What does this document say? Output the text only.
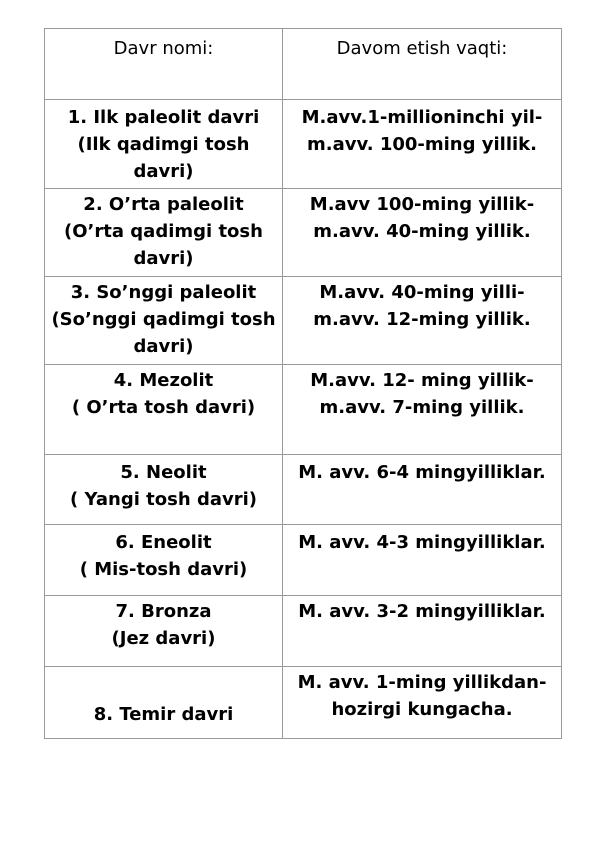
Davr nomi:	Davom etish vaqti:

1. Ilk paleolit davri
(Ilk qadimgi tosh
davri)	M.avv.1-millioninchi yil-
m.avv. 100-ming yillik.

2. O’rta paleolit
(O’rta qadimgi tosh
davri)	M.avv 100-ming yillik-
m.avv. 40-ming yillik.

3. So’nggi paleolit
(So’nggi qadimgi tosh
davri)	M.avv. 40-ming yilli-
m.avv. 12-ming yillik.

4. Mezolit
( O’rta tosh davri)	M.avv. 12- ming yillik-
m.avv. 7-ming yillik.

5. Neolit
( Yangi tosh davri)	M. avv. 6-4 mingyilliklar.

6. Eneolit
( Mis-tosh davri)	M. avv. 4-3 mingyilliklar.

7. Bronza
(Jez davri)	M. avv. 3-2 mingyilliklar.

8. Temir davri	M. avv. 1-ming yillikdan-
hozirgi kungacha.
